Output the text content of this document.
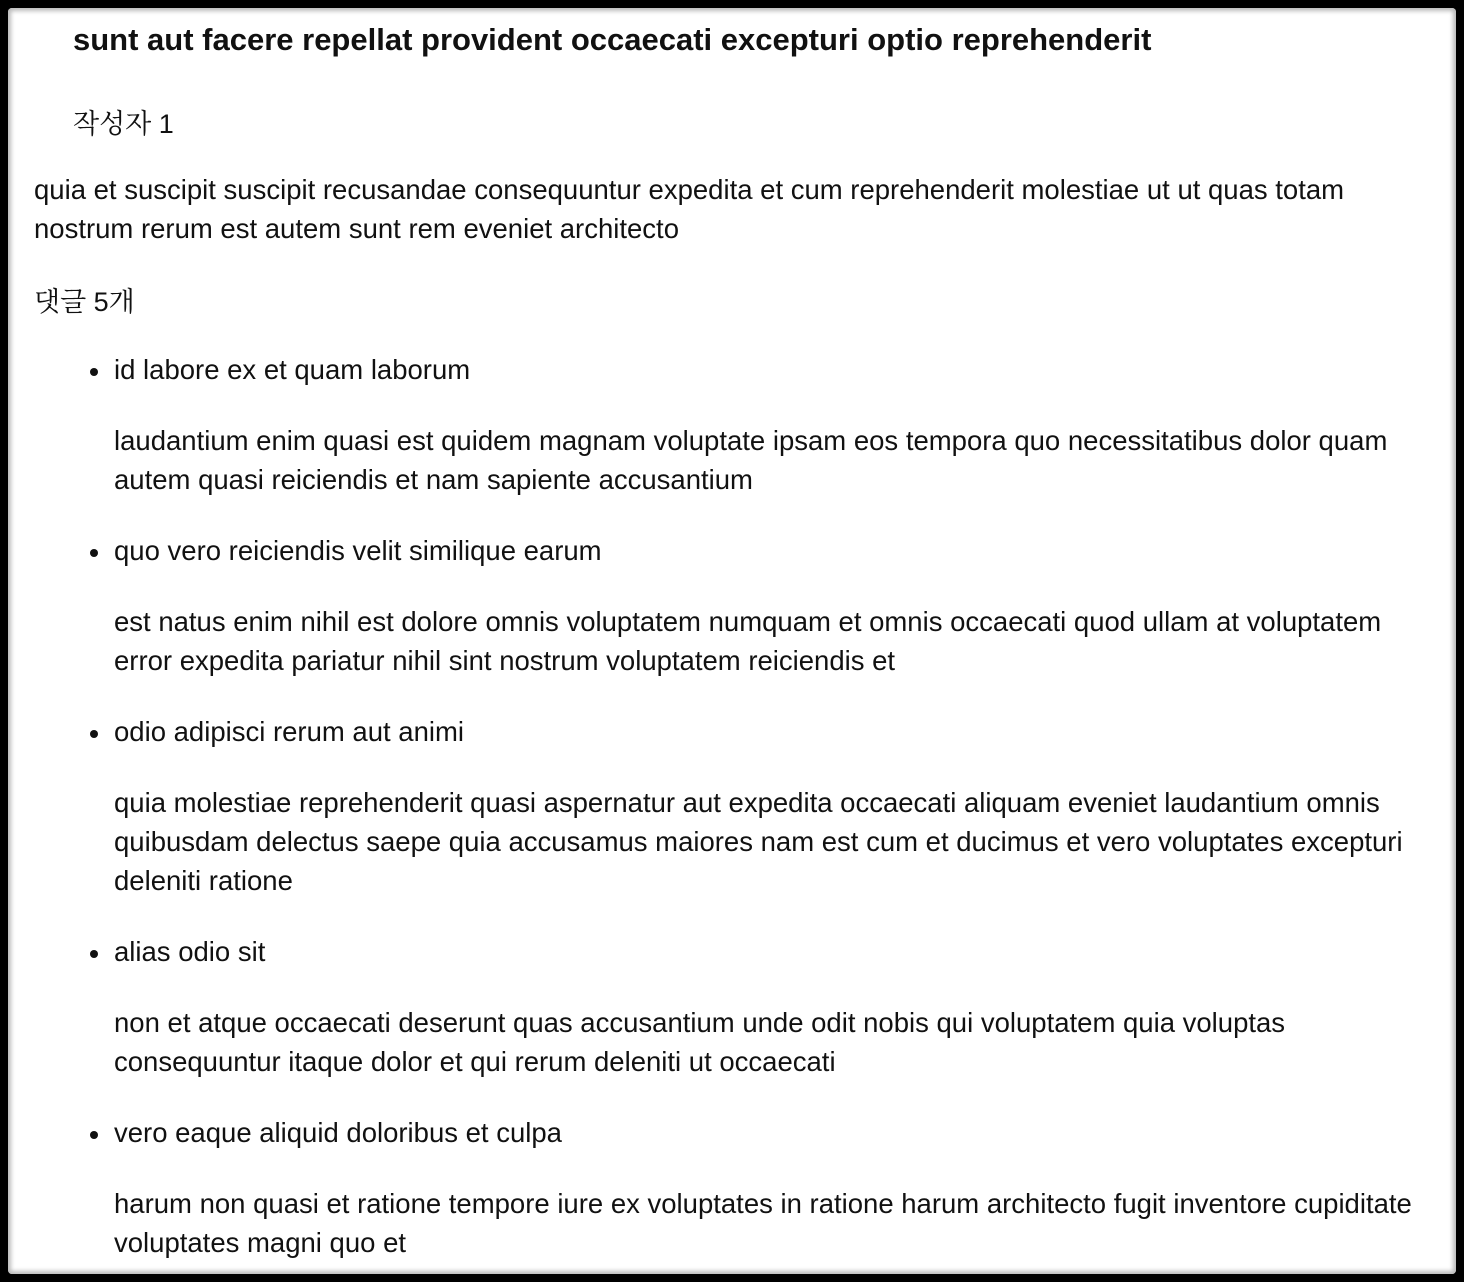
sunt aut facere repellat provident occaecati excepturi optio reprehenderit
작성자 1

quia et suscipit suscipit recusandae consequuntur expedita et cum reprehenderit molestiae ut ut quas totam nostrum rerum est autem sunt rem eveniet architecto

댓글 5개

id labore ex et quam laborum

laudantium enim quasi est quidem magnam voluptate ipsam eos tempora quo necessitatibus dolor quam autem quasi reiciendis et nam sapiente accusantium

quo vero reiciendis velit similique earum

est natus enim nihil est dolore omnis voluptatem numquam et omnis occaecati quod ullam at voluptatem error expedita pariatur nihil sint nostrum voluptatem reiciendis et

odio adipisci rerum aut animi

quia molestiae reprehenderit quasi aspernatur aut expedita occaecati aliquam eveniet laudantium omnis quibusdam delectus saepe quia accusamus maiores nam est cum et ducimus et vero voluptates excepturi deleniti ratione

alias odio sit

non et atque occaecati deserunt quas accusantium unde odit nobis qui voluptatem quia voluptas consequuntur itaque dolor et qui rerum deleniti ut occaecati

vero eaque aliquid doloribus et culpa

harum non quasi et ratione tempore iure ex voluptates in ratione harum architecto fugit inventore cupiditate voluptates magni quo et
